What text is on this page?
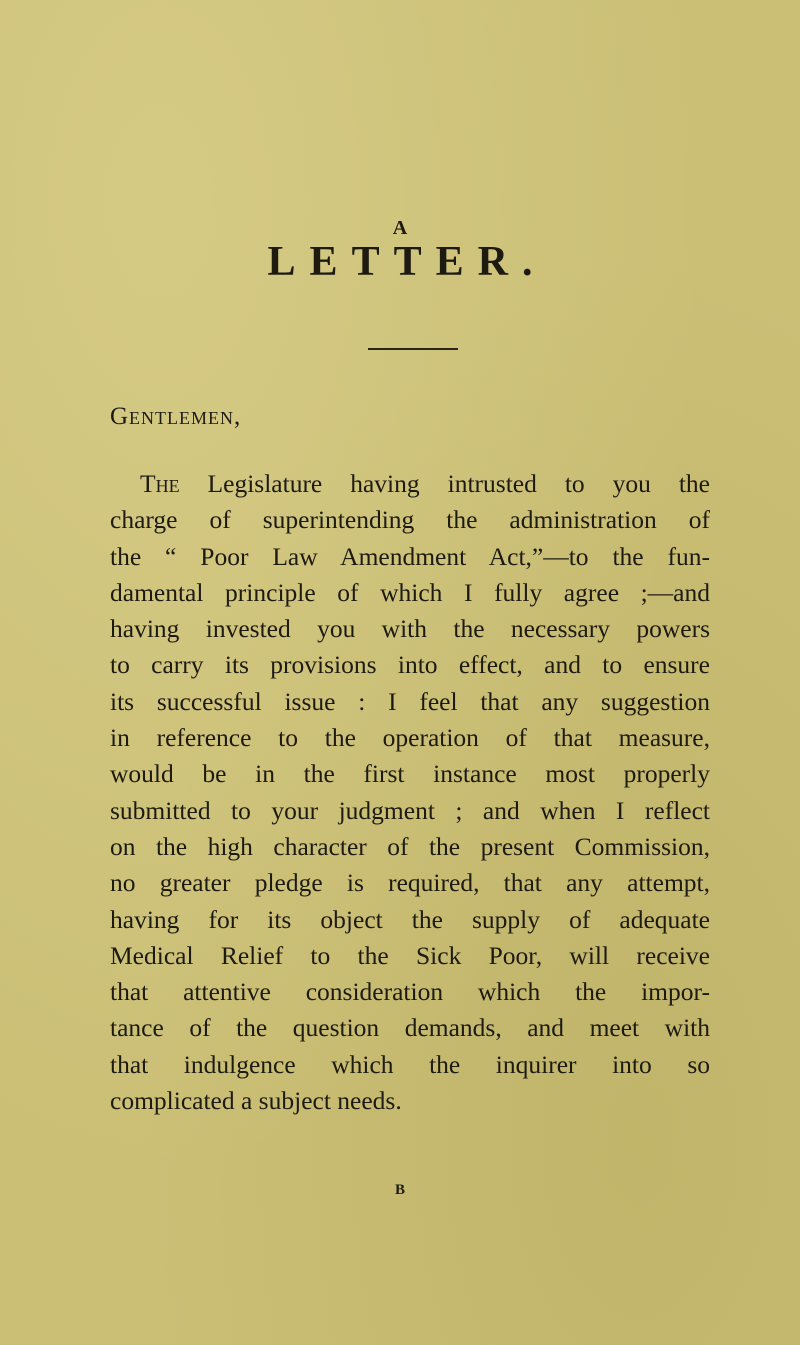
A
LETTER.
Gentlemen,
The Legislature having intrusted to you the
charge of superintending the administration of
the “ Poor Law Amendment Act,”—to the fun-
damental principle of which I fully agree ;—and
having invested you with the necessary powers
to carry its provisions into effect, and to ensure
its successful issue : I feel that any suggestion
in reference to the operation of that measure,
would be in the first instance most properly
submitted to your judgment ; and when I reflect
on the high character of the present Commission,
no greater pledge is required, that any attempt,
having for its object the supply of adequate
Medical Relief to the Sick Poor, will receive
that attentive consideration which the impor-
tance of the question demands, and meet with
that indulgence which the inquirer into so
complicated a subject needs.
B
